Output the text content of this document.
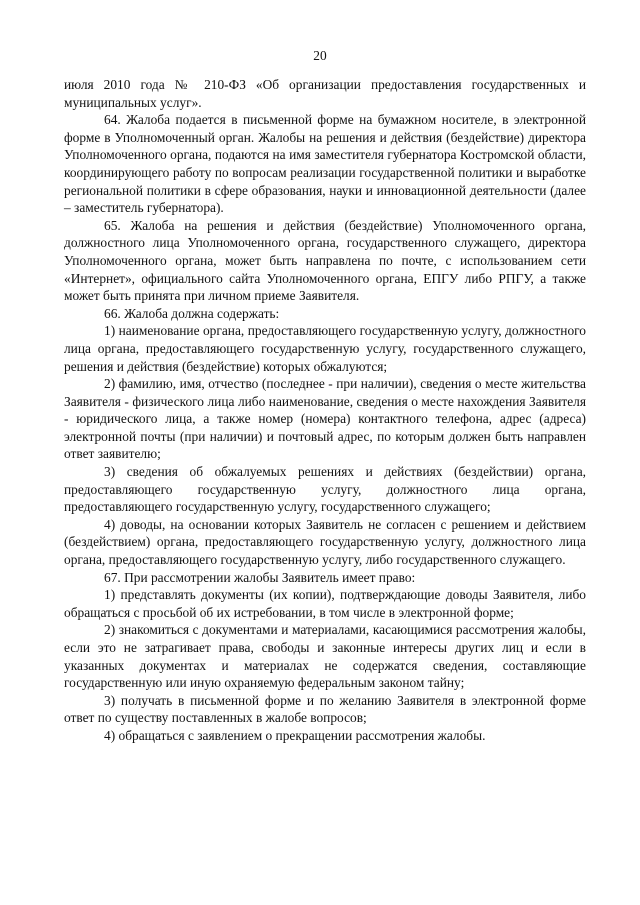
20

июля 2010 года № 210-ФЗ «Об организации предоставления государственных и муниципальных услуг».

64. Жалоба подается в письменной форме на бумажном носителе, в электронной форме в Уполномоченный орган. Жалобы на решения и действия (бездействие) директора Уполномоченного органа, подаются на имя заместителя губернатора Костромской области, координирующего работу по вопросам реализации государственной политики и выработке региональной политики в сфере образования, науки и инновационной деятельности (далее – заместитель губернатора).

65. Жалоба на решения и действия (бездействие) Уполномоченного органа, должностного лица Уполномоченного органа, государственного служащего, директора Уполномоченного органа, может быть направлена по почте, с использованием сети «Интернет», официального сайта Уполномоченного органа, ЕПГУ либо РПГУ, а также может быть принята при личном приеме Заявителя.

66. Жалоба должна содержать:

1) наименование органа, предоставляющего государственную услугу, должностного лица органа, предоставляющего государственную услугу, государственного служащего, решения и действия (бездействие) которых обжалуются;

2) фамилию, имя, отчество (последнее - при наличии), сведения о месте жительства Заявителя - физического лица либо наименование, сведения о месте нахождения Заявителя - юридического лица, а также номер (номера) контактного телефона, адрес (адреса) электронной почты (при наличии) и почтовый адрес, по которым должен быть направлен ответ заявителю;

3) сведения об обжалуемых решениях и действиях (бездействии) органа, предоставляющего государственную услугу, должностного лица органа, предоставляющего государственную услугу, государственного служащего;

4) доводы, на основании которых Заявитель не согласен с решением и действием (бездействием) органа, предоставляющего государственную услугу, должностного лица органа, предоставляющего государственную услугу, либо государственного служащего.

67. При рассмотрении жалобы Заявитель имеет право:

1) представлять документы (их копии), подтверждающие доводы Заявителя, либо обращаться с просьбой об их истребовании, в том числе в электронной форме;

2) знакомиться с документами и материалами, касающимися рассмотрения жалобы, если это не затрагивает права, свободы и законные интересы других лиц и если в указанных документах и материалах не содержатся сведения, составляющие государственную или иную охраняемую федеральным законом тайну;

3) получать в письменной форме и по желанию Заявителя в электронной форме ответ по существу поставленных в жалобе вопросов;

4) обращаться с заявлением о прекращении рассмотрения жалобы.
